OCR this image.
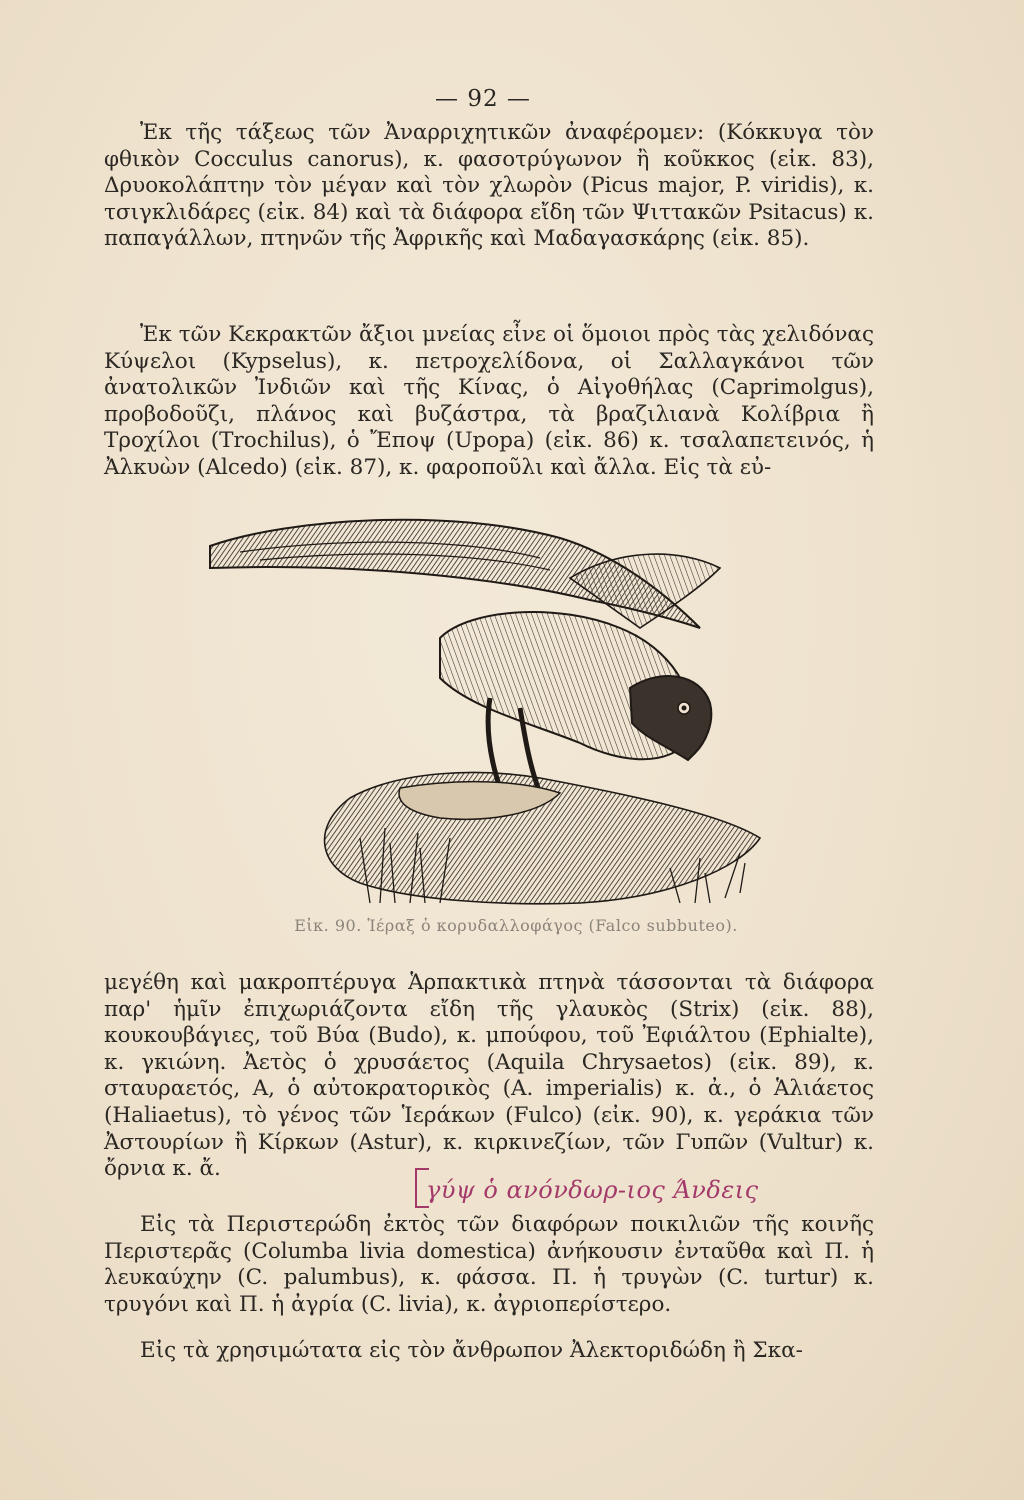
— 92 —

Ἐκ τῆς τάξεως τῶν Ἀναρριχητικῶν ἀναφέρομεν: (Κόκκυγα τὸν φθικὸν Cocculus canorus), κ. φασοτρύγωνον ἢ κοῦκκος (εἰκ. 83), Δρυοκολάπτην τὸν μέγαν καὶ τὸν χλωρὸν (Picus major, P. viridis), κ. τσιγκλιδάρες (εἰκ. 84) καὶ τὰ διάφορα εἴδη τῶν Ψιττακῶν Psitacus) κ. παπαγάλλων, πτηνῶν τῆς Ἀφρικῆς καὶ Μαδαγασκάρης (εἰκ. 85).

Ἐκ τῶν Κεκρακτῶν ἄξιοι μνείας εἶνε οἱ ὅμοιοι πρὸς τὰς χελιδόνας Κύψελοι (Kypselus), κ. πετροχελίδονα, οἱ Σαλλαγκάνοι τῶν ἀνατολικῶν Ἰνδιῶν καὶ τῆς Κίνας, ὁ Αἰγοθήλας (Caprimolgus), προβοδοῦζι, πλάνος καὶ βυζάστρα, τὰ βραζιλιανὰ Κολίβρια ἢ Τροχίλοι (Trochilus), ὁ Ἔποψ (Upopa) (εἰκ. 86) κ. τσαλαπετεινός, ἡ Ἀλκυὼν (Alcedo) (εἰκ. 87), κ. φαροποῦλι καὶ ἄλλα. Εἰς τὰ εὐ-

Εἰκ. 90. Ἱέραξ ὁ κορυδαλλοφάγος (Falco subbuteo).

μεγέθη καὶ μακροπτέρυγα Ἁρπακτικὰ πτηνὰ τάσσονται τὰ διάφορα παρ' ἡμῖν ἐπιχωριάζοντα εἴδη τῆς γλαυκὸς (Strix) (εἰκ. 88), κουκουβάγιες, τοῦ Βύα (Budo), κ. μπούφου, τοῦ Ἐφιάλτου (Ephialte), κ. γκιώνη. Ἀετὸς ὁ χρυσάετος (Aquila Chrysaetos) (εἰκ. 89), κ. σταυραετός, Α, ὁ αὐτοκρατορικὸς (A. imperialis) κ. ἀ., ὁ Ἁλιάετος (Haliaetus), τὸ γένος τῶν Ἱεράκων (Fulco) (εἰκ. 90), κ. γεράκια τῶν Ἀστουρίων ἢ Κίρκων (Astur), κ. κιρκινεζίων, τῶν Γυπῶν (Vultur) κ. ὄρνια κ. ἄ.

γύψ ὁ ανόνδωρ-ιος Άνδεις

Εἰς τὰ Περιστερώδη ἐκτὸς τῶν διαφόρων ποικιλιῶν τῆς κοινῆς Περιστερᾶς (Columba livia domestica) ἀνήκουσιν ἐνταῦθα καὶ Π. ἡ λευκαύχην (C. palumbus), κ. φάσσα. Π. ἡ τρυγὼν (C. turtur) κ. τρυγόνι καὶ Π. ἡ ἀγρία (C. livia), κ. ἀγριοπερίστερο.

Εἰς τὰ χρησιμώτατα εἰς τὸν ἄνθρωπον Ἀλεκτοριδώδη ἢ Σκα-
